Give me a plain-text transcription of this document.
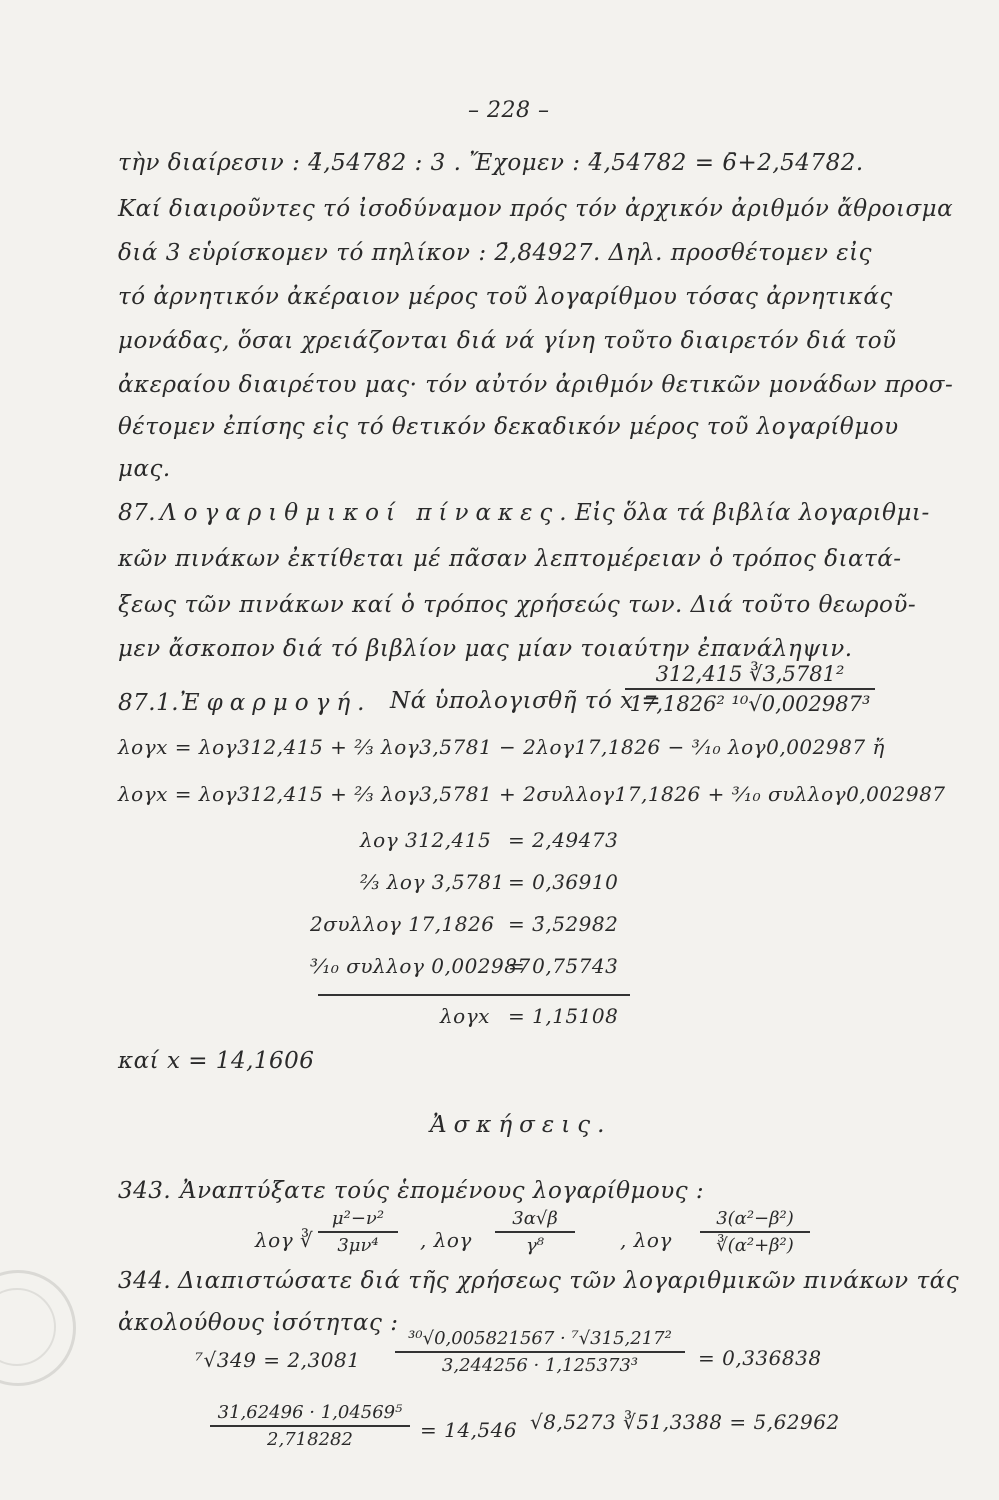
– 228 –
τὴν διαίρεσιν : 4̄,54782 : 3 . Ἔχομεν : 4̄,54782 = 6̄+2,54782.
Καί διαιροῦντες τό ἰσοδύναμον πρός τόν ἀρχικόν ἀριθμόν ἄθροισμα
διά 3 εὑρίσκομεν τό πηλίκον : 2̄,84927. Δηλ. προσθέτομεν εἰς
τό ἀρνητικόν ἀκέραιον μέρος τοῦ λογαρίθμου τόσας ἀρνητικάς
μονάδας, ὅσαι χρειάζονται διά νά γίνη τοῦτο διαιρετόν διά τοῦ
ἀκεραίου διαιρέτου μας· τόν αὐτόν ἀριθμόν θετικῶν μονάδων προσ-
θέτομεν ἐπίσης εἰς τό θετικόν δεκαδικόν μέρος τοῦ λογαρίθμου
μας.
87. Λογαριθμικοί πίνακες. Εἰς ὅλα τά βιβλία λογαριθμι-
κῶν πινάκων ἐκτίθεται μέ πᾶσαν λεπτομέρειαν ὁ τρόπος διατά-
ξεως τῶν πινάκων καί ὁ τρόπος χρήσεώς των. Διά τοῦτο θεωροῦ-
μεν ἄσκοπον διά τό βιβλίον μας μίαν τοιαύτην ἐπανάληψιν.
87.1. Ἐφαρμογή. Νά ὑπολογισθῆ τό x =
$\frac{\text{312,415 ∛3,5781²}}{\text{17,1826² ¹⁰√0,002987³}}$
λογx = λογ312,415 + ⅔ λογ3,5781 − 2λογ17,1826 − ³⁄₁₀ λογ0,002987 ἤ
λογx = λογ312,415 + ⅔ λογ3,5781 + 2συλλογ17,1826 + ³⁄₁₀ συλλογ0,002987
λογ 312,415 = 2,49473
⅔ λογ 3,5781 = 0,36910
2συλλογ 17,1826 = 3̄,52982
³⁄₁₀ συλλογ 0,002987
= 0,75743
λογx = 1,15108
καί x = 14,1606
Ἀσκήσεις.
343. Ἀναπτύξατε τούς ἑπομένους λογαρίθμους :
λογ ∛ $\frac{\text{μ²−ν²}}{\text{3μν⁴}}$ , λογ $\frac{3\alpha√\beta}{\text{γ⁸}}$ , λογ $\frac{\text{3(α²−β²)}}{\text{∛(α²+β²)}}$
344. Διαπιστώσατε διά τῆς χρήσεως τῶν λογαριθμικῶν πινάκων τάς
ἀκολούθους ἰσότητας :
$^7√349 = 2,3081 \frac{\text{³⁰√0,005821567 · ⁷√315,217²}}{\text{3,244256 · 1,125373³}} = 0,336838$
$\frac{\text{31,62496 · 1,04569⁵}}{2,718282} = 14,546$ √8,5273 ∛51,3388 = 5,62962
